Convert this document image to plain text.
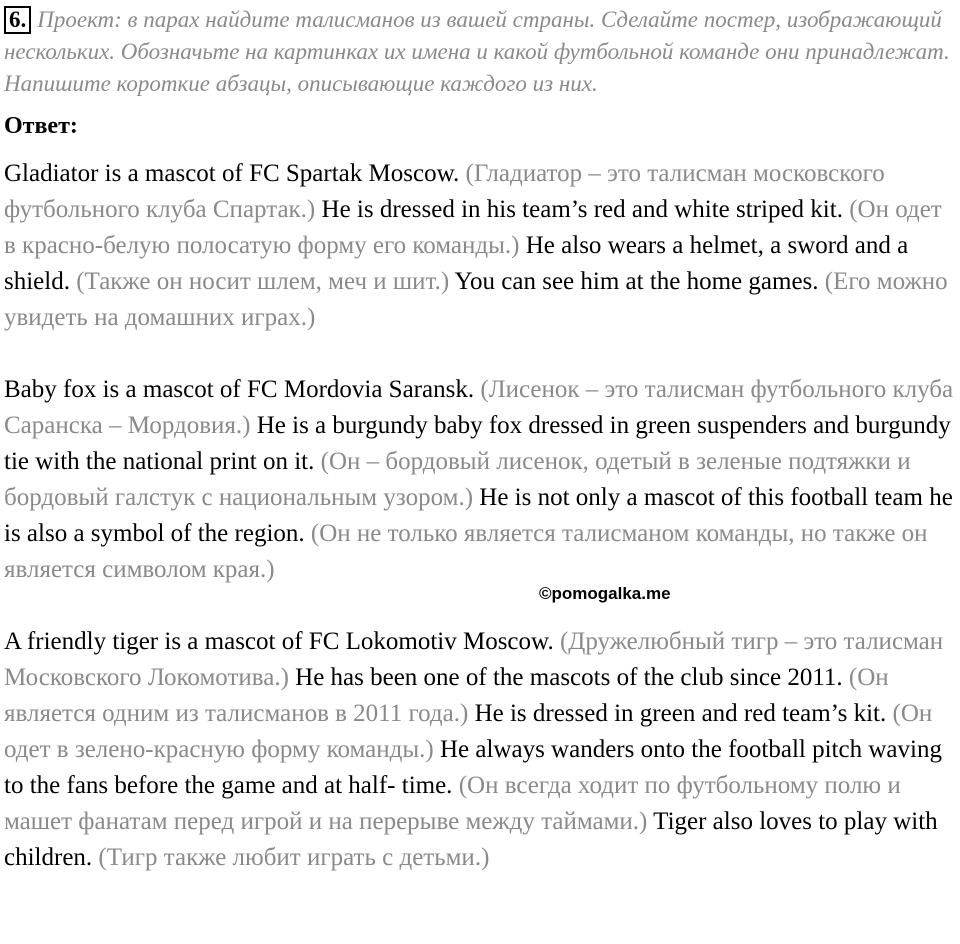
6. Проект: в парах найдите талисманов из вашей страны. Сделайте постер, изображающий нескольких. Обозначьте на картинках их имена и какой футбольной команде они принадлежат. Напишите короткие абзацы, описывающие каждого из них.

Ответ:

Gladiator is a mascot of FC Spartak Moscow. (Гладиатор – это талисман московского футбольного клуба Спартак.) He is dressed in his team’s red and white striped kit. (Он одет в красно-белую полосатую форму его команды.) He also wears a helmet, a sword and a shield. (Также он носит шлем, меч и шит.) You can see him at the home games. (Его можно увидеть на домашних играх.)

Baby fox is a mascot of FC Mordovia Saransk. (Лисенок – это талисман футбольного клуба Саранска – Мордовия.) He is a burgundy baby fox dressed in green suspenders and burgundy tie with the national print on it. (Он – бордовый лисенок, одетый в зеленые подтяжки и бордовый галстук с национальным узором.) He is not only a mascot of this football team he is also a symbol of the region. (Он не только является талисманом команды, но также он является символом края.)

A friendly tiger is a mascot of FC Lokomotiv Moscow. (Дружелюбный тигр – это талисман Московского Локомотива.) He has been one of the mascots of the club since 2011. (Он является одним из талисманов в 2011 года.) He is dressed in green and red team’s kit. (Он одет в зелено-красную форму команды.) He always wanders onto the football pitch waving to the fans before the game and at half- time. (Он всегда ходит по футбольному полю и машет фанатам перед игрой и на перерыве между таймами.) Tiger also loves to play with children. (Тигр также любит играть с детьми.)

©pomogalka.me
